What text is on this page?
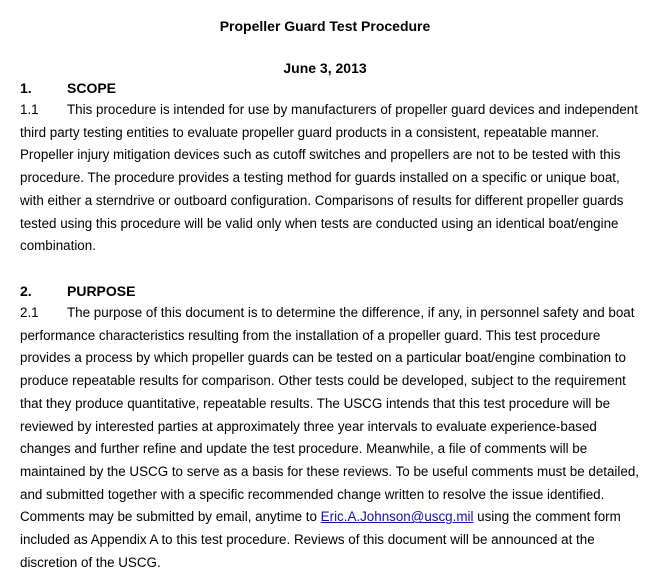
Propeller Guard Test Procedure
June 3, 2013
1.	SCOPE
1.1 This procedure is intended for use by manufacturers of propeller guard devices and independent
third party testing entities to evaluate propeller guard products in a consistent, repeatable manner.
Propeller injury mitigation devices such as cutoff switches and propellers are not to be tested with this
procedure. The procedure provides a testing method for guards installed on a specific or unique boat,
with either a sterndrive or outboard configuration. Comparisons of results for different propeller guards
tested using this procedure will be valid only when tests are conducted using an identical boat/engine
combination.
2.	PURPOSE
2.1 The purpose of this document is to determine the difference, if any, in personnel safety and boat
performance characteristics resulting from the installation of a propeller guard. This test procedure
provides a process by which propeller guards can be tested on a particular boat/engine combination to
produce repeatable results for comparison. Other tests could be developed, subject to the requirement
that they produce quantitative, repeatable results. The USCG intends that this test procedure will be
reviewed by interested parties at approximately three year intervals to evaluate experience-based
changes and further refine and update the test procedure. Meanwhile, a file of comments will be
maintained by the USCG to serve as a basis for these reviews. To be useful comments must be detailed,
and submitted together with a specific recommended change written to resolve the issue identified.
Comments may be submitted by email, anytime to Eric.A.Johnson@uscg.mil using the comment form
included as Appendix A to this test procedure. Reviews of this document will be announced at the
discretion of the USCG.
